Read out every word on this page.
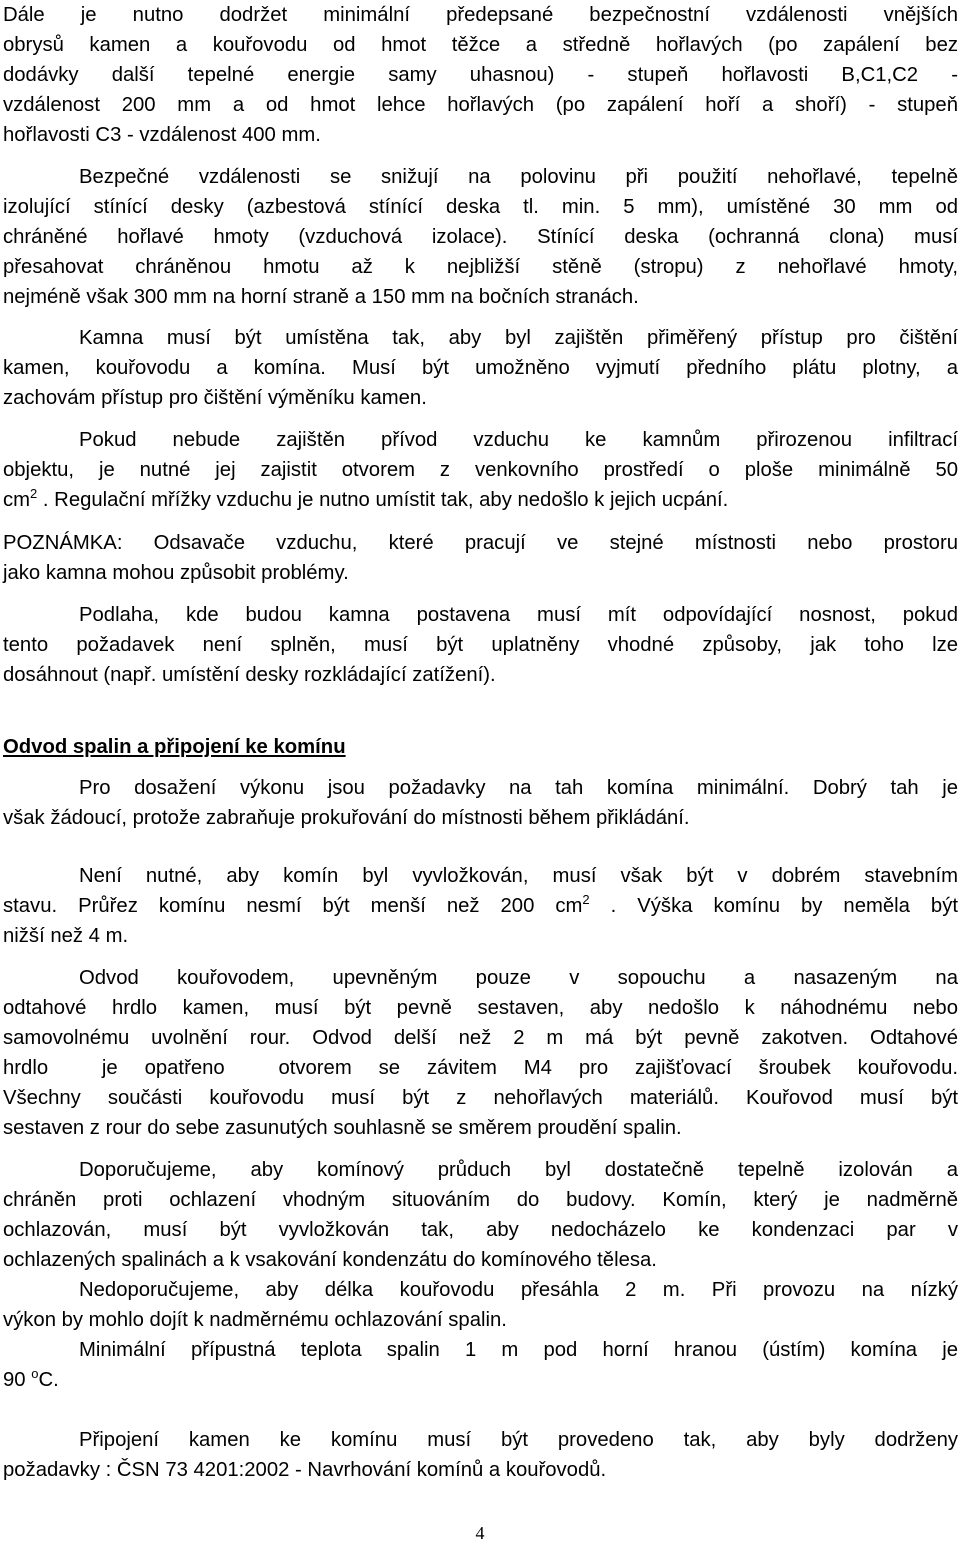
Dále je nutno dodržet minimální předepsané bezpečnostní vzdálenosti vnějších
obrysů kamen a kouřovodu od hmot těžce a středně hořlavých (po zapálení bez
dodávky další tepelné energie samy uhasnou) - stupeň hořlavosti B,C1,C2 -
vzdálenost 200 mm a od hmot lehce hořlavých (po zapálení hoří a shoří) - stupeň
hořlavosti C3 - vzdálenost 400 mm.
Bezpečné vzdálenosti se snižují na polovinu při použití nehořlavé, tepelně
izolující stínící desky (azbestová stínící deska tl. min. 5 mm), umístěné 30 mm od
chráněné hořlavé hmoty (vzduchová izolace). Stínící deska (ochranná clona) musí
přesahovat chráněnou hmotu až k nejbližší stěně (stropu) z nehořlavé hmoty,
nejméně však 300 mm na horní straně a 150 mm na bočních stranách.
Kamna musí být umístěna tak, aby byl zajištěn přiměřený přístup pro čištění
kamen, kouřovodu a komína. Musí být umožněno vyjmutí předního plátu plotny, a
zachovám přístup pro čištění výměníku kamen.
Pokud nebude zajištěn přívod vzduchu ke kamnům přirozenou infiltrací
objektu, je nutné jej zajistit otvorem z venkovního prostředí o ploše minimálně 50
$cm^2$ . Regulační mřížky vzduchu je nutno umístit tak, aby nedošlo k jejich ucpání.
POZNÁMKA: Odsavače vzduchu, které pracují ve stejné místnosti nebo prostoru
jako kamna mohou způsobit problémy.
Podlaha, kde budou kamna postavena musí mít odpovídající nosnost, pokud
tento požadavek není splněn, musí být uplatněny vhodné způsoby, jak toho lze
dosáhnout (např. umístění desky rozkládající zatížení).
Odvod spalin a připojení ke komínu
Pro dosažení výkonu jsou požadavky na tah komína minimální. Dobrý tah je
však žádoucí, protože zabraňuje prokuřování do místnosti během přikládání.
Není nutné, aby komín byl vyvložkován, musí však být v dobrém stavebním
stavu. Průřez komínu nesmí být menší než 200 $cm^2$ . Výška komínu by neměla být
nižší než 4 m.
Odvod kouřovodem, upevněným pouze v sopouchu a nasazeným na
odtahové hrdlo kamen, musí být pevně sestaven, aby nedošlo k náhodnému nebo
samovolnému uvolnění rour. Odvod delší než 2 m má být pevně zakotven. Odtahové
hrdlo  je opatřeno  otvorem se závitem M4 pro zajišťovací šroubek kouřovodu.
Všechny součásti kouřovodu musí být z nehořlavých materiálů. Kouřovod musí být
sestaven z rour do sebe zasunutých souhlasně se směrem proudění spalin.
Doporučujeme, aby komínový průduch byl dostatečně tepelně izolován a
chráněn proti ochlazení vhodným situováním do budovy. Komín, který je nadměrně
ochlazován, musí být vyvložkován tak, aby nedocházelo ke kondenzaci par v
ochlazených spalinách a k vsakování kondenzátu do komínového tělesa.
Nedoporučujeme, aby délka kouřovodu přesáhla 2 m. Při provozu na nízký
výkon by mohlo dojít k nadměrnému ochlazování spalin.
Minimální přípustná teplota spalin 1 m pod horní hranou (ústím) komína je
90 $^o$C.
Připojení kamen ke komínu musí být provedeno tak, aby byly dodrženy
požadavky : ČSN 73 4201:2002 - Navrhování komínů a kouřovodů.
4
